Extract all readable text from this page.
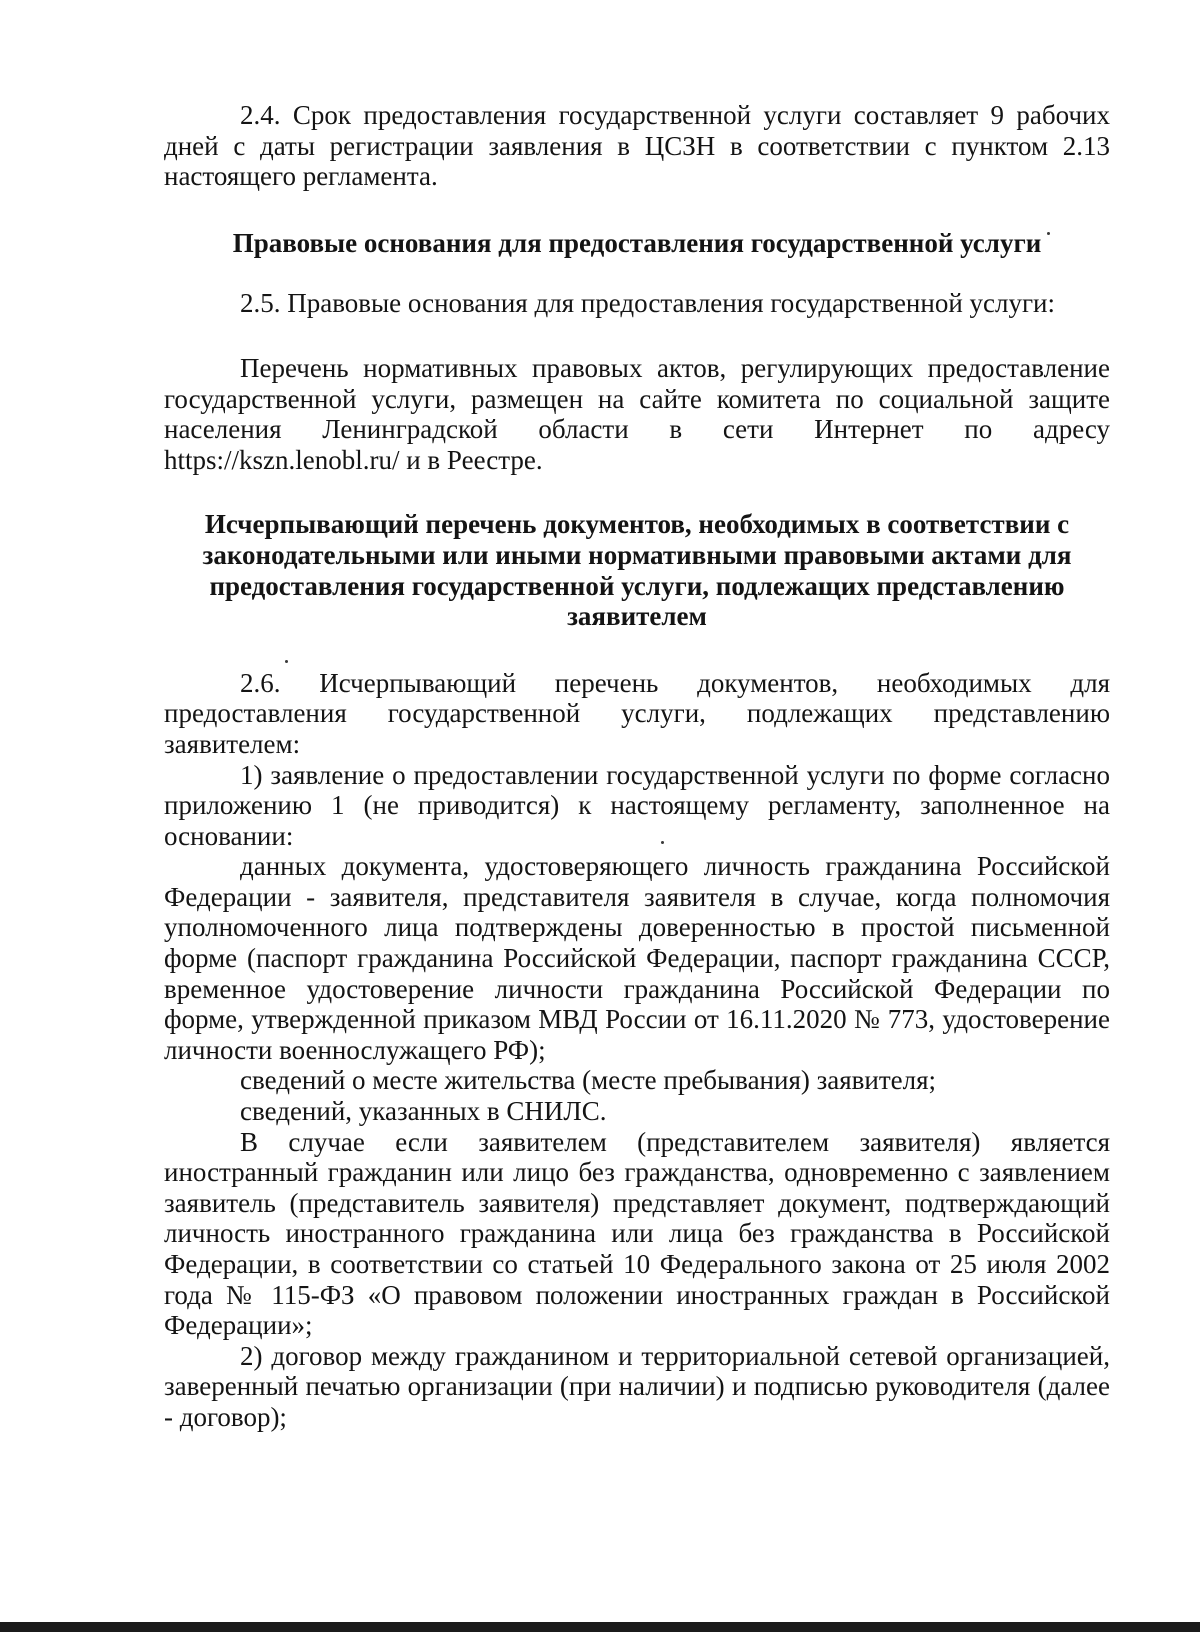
2.4. Срок предоставления государственной услуги составляет 9 рабочих дней с даты регистрации заявления в ЦСЗН в соответствии с пунктом 2.13 настоящего регламента.

Правовые основания для предоставления государственной услуги

2.5. Правовые основания для предоставления государственной услуги:

Перечень нормативных правовых актов, регулирующих предоставление государственной услуги, размещен на сайте комитета по социальной защите населения Ленинградской области в сети Интернет по адресу https://kszn.lenobl.ru/ и в Реестре.

Исчерпывающий перечень документов, необходимых в соответствии с законодательными или иными нормативными правовыми актами для предоставления государственной услуги, подлежащих представлению заявителем

2.6. Исчерпывающий перечень документов, необходимых для предоставления государственной услуги, подлежащих представлению заявителем:

1) заявление о предоставлении государственной услуги по форме согласно приложению 1 (не приводится) к настоящему регламенту, заполненное на основании:

данных документа, удостоверяющего личность гражданина Российской Федерации - заявителя, представителя заявителя в случае, когда полномочия уполномоченного лица подтверждены доверенностью в простой письменной форме (паспорт гражданина Российской Федерации, паспорт гражданина СССР, временное удостоверение личности гражданина Российской Федерации по форме, утвержденной приказом МВД России от 16.11.2020 № 773, удостоверение личности военнослужащего РФ);

сведений о месте жительства (месте пребывания) заявителя;

сведений, указанных в СНИЛС.

В случае если заявителем (представителем заявителя) является иностранный гражданин или лицо без гражданства, одновременно с заявлением заявитель (представитель заявителя) представляет документ, подтверждающий личность иностранного гражданина или лица без гражданства в Российской Федерации, в соответствии со статьей 10 Федерального закона от 25 июля 2002 года № 115-ФЗ «О правовом положении иностранных граждан в Российской Федерации»;

2) договор между гражданином и территориальной сетевой организацией, заверенный печатью организации (при наличии) и подписью руководителя (далее - договор);
